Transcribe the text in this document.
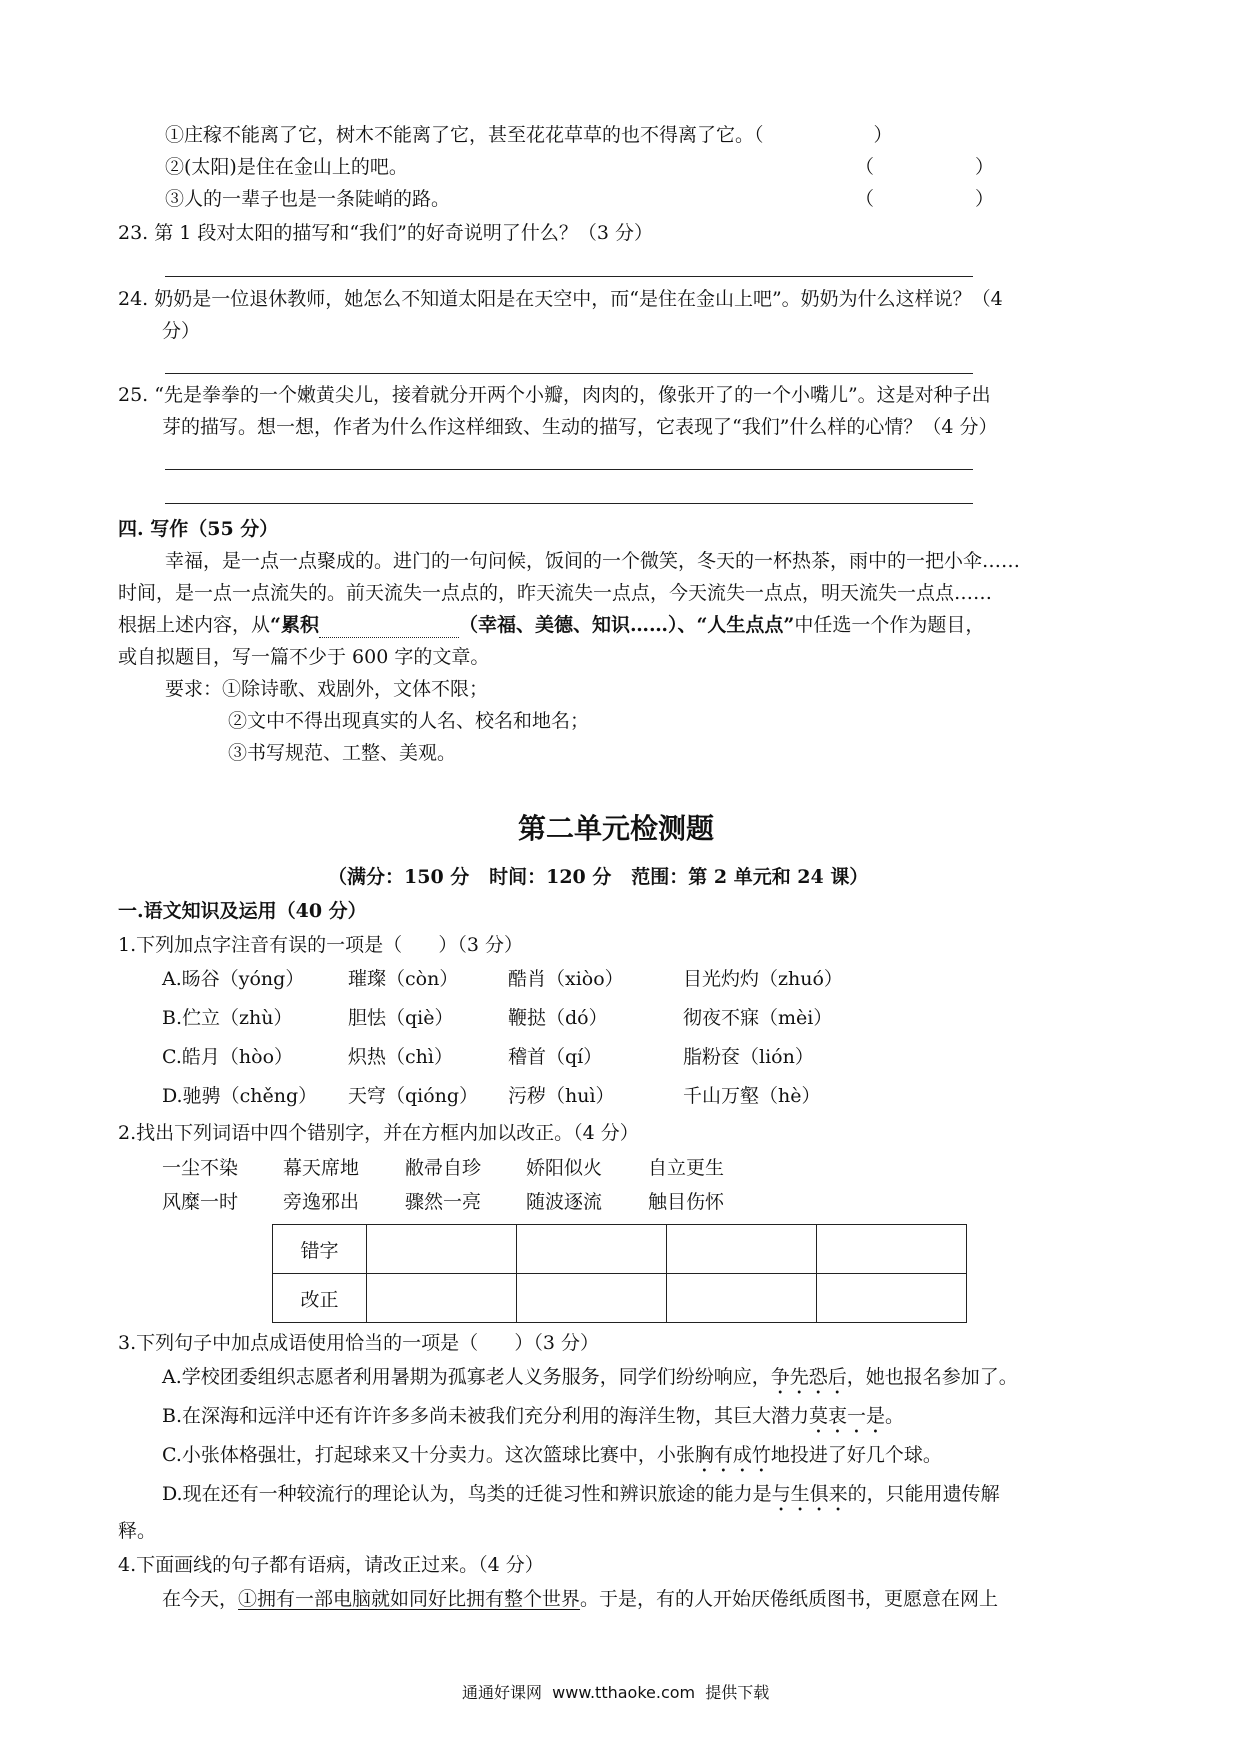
①庄稼不能离了它，树木不能离了它，甚至花花草草的也不得离了它。（	）
②(太阳)是住在金山上的吧。	（	）
③人的一辈子也是一条陡峭的路。	（	）
23. 第 1 段对太阳的描写和“我们”的好奇说明了什么？（3 分）
24. 奶奶是一位退休教师，她怎么不知道太阳是在天空中，而“是住在金山上吧”。奶奶为什么这样说？（4
分）
25. “先是拳拳的一个嫩黄尖儿，接着就分开两个小瓣，肉肉的，像张开了的一个小嘴儿”。这是对种子出
芽的描写。想一想，作者为什么作这样细致、生动的描写，它表现了“我们”什么样的心情？（4 分）
四. 写作（55 分）
幸福，是一点一点聚成的。进门的一句问候，饭间的一个微笑，冬天的一杯热茶，雨中的一把小伞……
时间，是一点一点流失的。前天流失一点点的，昨天流失一点点，今天流失一点点，明天流失一点点……
根据上述内容，从“累积	（幸福、美德、知识……）、“人生点点”中任选一个作为题目，
或自拟题目，写一篇不少于 600 字的文章。
要求：①除诗歌、戏剧外，文体不限；
②文中不得出现真实的人名、校名和地名；
③书写规范、工整、美观。
第二单元检测题
（满分：150 分   时间：120 分   范围：第 2 单元和 24 课）
一.语文知识及运用（40 分）
1.下列加点字注音有误的一项是（      ）（3 分）
A.旸谷（yóng） 璀璨（còn）	酷肖（xiòo）	目光灼灼（zhuó）
B.伫立（zhù）	胆怯（qiè）	鞭挞（dó）	彻夜不寐（mèi）
C.皓月（hòo）	炽热（chì）	稽首（qí）	脂粉奁（lión）
D.驰骋（chěng） 天穹（qióng） 污秽（huì）	千山万壑（hè）
2.找出下列词语中四个错别字，并在方框内加以改正。（4 分）
一尘不染 幕天席地 敝帚自珍 娇阳似火 自立更生
风糜一时 旁逸邪出 骤然一亮 随波逐流 触目伤怀
错字				
改正				
3.下列句子中加点成语使用恰当的一项是（      ）（3 分）
A.学校团委组织志愿者利用暑期为孤寡老人义务服务，同学们纷纷响应，争先恐后，她也报名参加了。
B.在深海和远洋中还有许许多多尚未被我们充分利用的海洋生物，其巨大潜力莫衷一是。
C.小张体格强壮，打起球来又十分卖力。这次篮球比赛中，小张胸有成竹地投进了好几个球。
D.现在还有一种较流行的理论认为，鸟类的迁徙习性和辨识旅途的能力是与生俱来的，只能用遗传解
释。
4.下面画线的句子都有语病，请改正过来。（4 分）
在今天，①拥有一部电脑就如同好比拥有整个世界。于是，有的人开始厌倦纸质图书，更愿意在网上
通通好课网  www.tthaoke.com  提供下载
